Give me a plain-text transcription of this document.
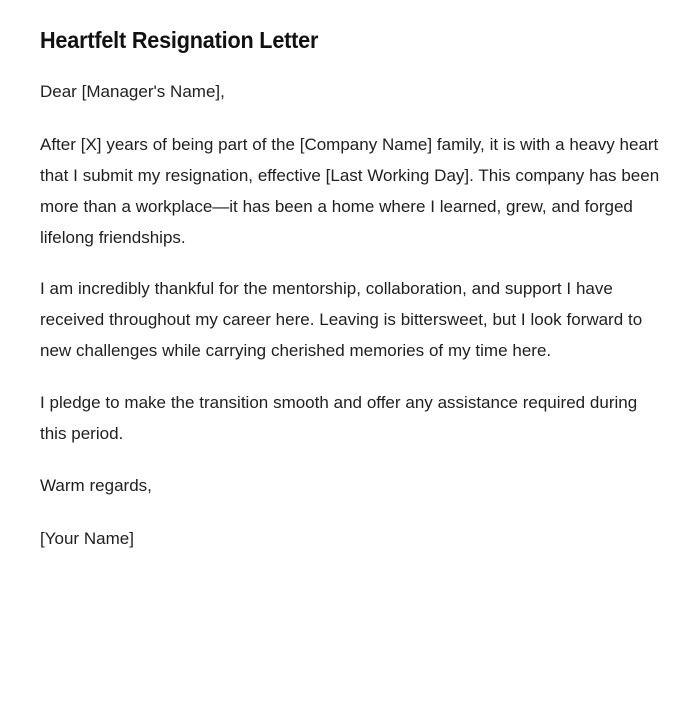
Heartfelt Resignation Letter

Dear [Manager's Name],

After [X] years of being part of the [Company Name] family, it is with a heavy heart that I submit my resignation, effective [Last Working Day]. This company has been more than a workplace—it has been a home where I learned, grew, and forged lifelong friendships.

I am incredibly thankful for the mentorship, collaboration, and support I have received throughout my career here. Leaving is bittersweet, but I look forward to new challenges while carrying cherished memories of my time here.

I pledge to make the transition smooth and offer any assistance required during this period.

Warm regards,

[Your Name]
